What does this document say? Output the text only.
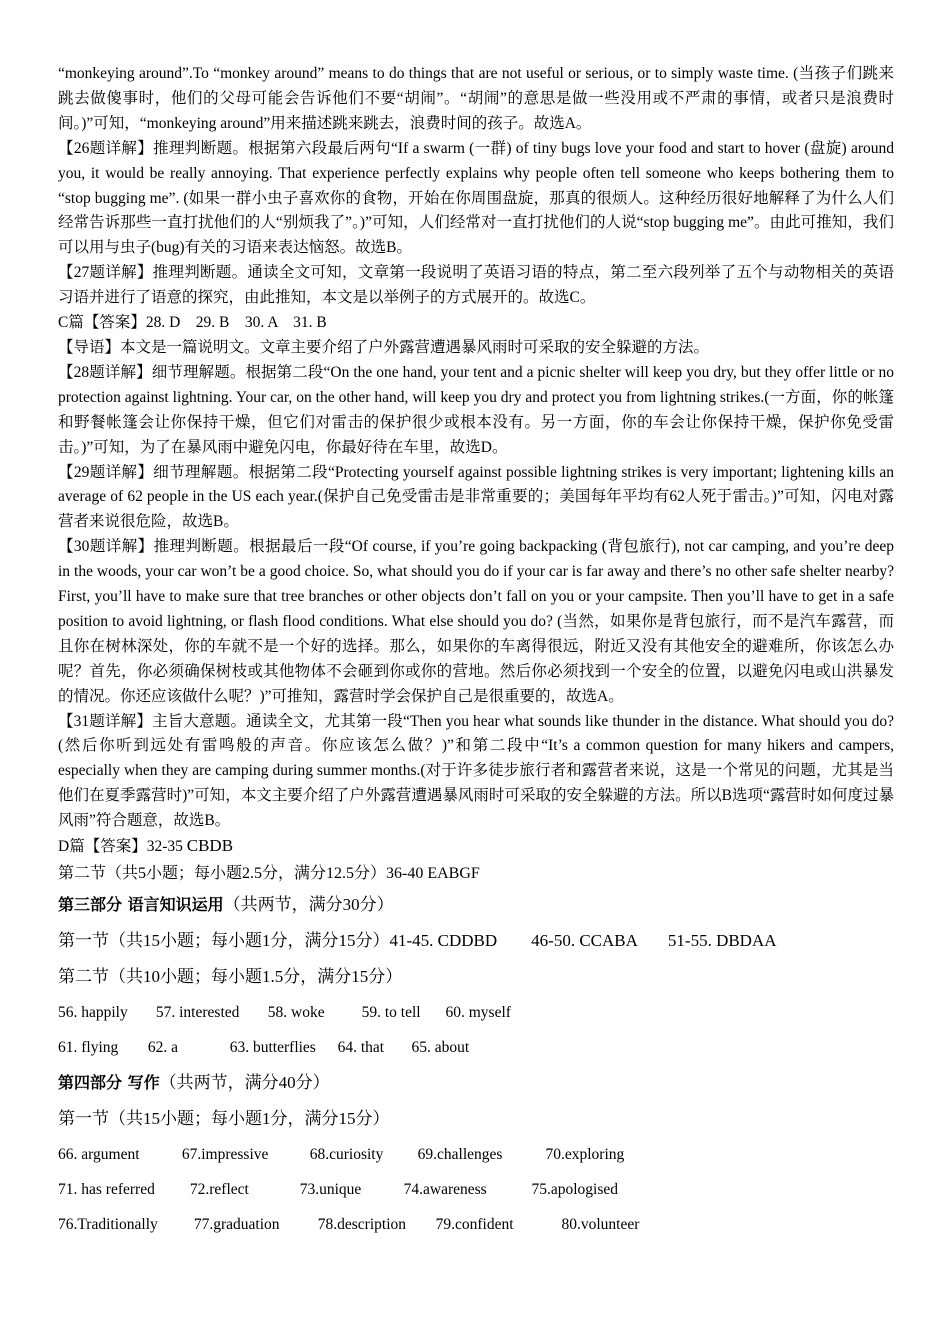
“monkeying around”.To “monkey around” means to do things that are not useful or serious, or to simply waste time. (当孩子们跳来跳去做傻事时，他们的父母可能会告诉他们不要“胡闹”。“胡闹”的意思是做一些没用或不严肃的事情，或者只是浪费时间。)”可知，“monkeying around”用来描述跳来跳去，浪费时间的孩子。故选A。

【26题详解】推理判断题。根据第六段最后两句“If a swarm (一群) of tiny bugs love your food and start to hover (盘旋) around you, it would be really annoying. That experience perfectly explains why people often tell someone who keeps bothering them to “stop bugging me”. (如果一群小虫子喜欢你的食物，开始在你周围盘旋，那真的很烦人。这种经历很好地解释了为什么人们经常告诉那些一直打扰他们的人“别烦我了”。)”可知，人们经常对一直打扰他们的人说“stop bugging me”。由此可推知，我们可以用与虫子(bug)有关的习语来表达恼怒。故选B。

【27题详解】推理判断题。通读全文可知，文章第一段说明了英语习语的特点，第二至六段列举了五个与动物相关的英语习语并进行了语意的探究，由此推知，本文是以举例子的方式展开的。故选C。

C篇【答案】28. D　29. B　30. A　31. B

【导语】本文是一篇说明文。文章主要介绍了户外露营遭遇暴风雨时可采取的安全躲避的方法。

【28题详解】细节理解题。根据第二段“On the one hand, your tent and a picnic shelter will keep you dry, but they offer little or no protection against lightning. Your car, on the other hand, will keep you dry and protect you from lightning strikes.(一方面，你的帐篷和野餐帐篷会让你保持干燥，但它们对雷击的保护很少或根本没有。另一方面，你的车会让你保持干燥，保护你免受雷击。)”可知，为了在暴风雨中避免闪电，你最好待在车里，故选D。

【29题详解】细节理解题。根据第二段“Protecting yourself against possible lightning strikes is very important; lightening kills an average of 62 people in the US each year.(保护自己免受雷击是非常重要的；美国每年平均有62人死于雷击。)”可知，闪电对露营者来说很危险，故选B。

【30题详解】推理判断题。根据最后一段“Of course, if you’re going backpacking (背包旅行), not car camping, and you’re deep in the woods, your car won’t be a good choice. So, what should you do if your car is far away and there’s no other safe shelter nearby? First, you’ll have to make sure that tree branches or other objects don’t fall on you or your campsite. Then you’ll have to get in a safe position to avoid lightning, or flash flood conditions. What else should you do? (当然，如果你是背包旅行，而不是汽车露营，而且你在树林深处，你的车就不是一个好的选择。那么，如果你的车离得很远，附近又没有其他安全的避难所，你该怎么办呢？首先，你必须确保树枝或其他物体不会砸到你或你的营地。然后你必须找到一个安全的位置，以避免闪电或山洪暴发的情况。你还应该做什么呢？)”可推知，露营时学会保护自己是很重要的，故选A。

【31题详解】主旨大意题。通读全文，尤其第一段“Then you hear what sounds like thunder in the distance. What should you do?(然后你听到远处有雷鸣般的声音。你应该怎么做？)”和第二段中“It’s a common question for many hikers and campers, especially when they are camping during summer months.(对于许多徒步旅行者和露营者来说，这是一个常见的问题，尤其是当他们在夏季露营时)”可知，本文主要介绍了户外露营遭遇暴风雨时可采取的安全躲避的方法。所以B选项“露营时如何度过暴风雨”符合题意，故选B。

D篇【答案】32-35 CBDB

第二节（共5小题；每小题2.5分，满分12.5分）36-40 EABGF

第三部分 语言知识运用（共两节，满分30分）

第一节（共15小题；每小题1分，满分15分）41-45. CDDBD 46-50. CCABA 51-55. DBDAA

第二节（共10小题；每小题1.5分，满分15分）

56. happily 57. interested 58. woke 59. to tell 60. myself

61. flying 62. a	63. butterflies 64. that 65. about

第四部分 写作（共两节，满分40分）

第一节（共15小题；每小题1分，满分15分）

66. argument	67.impressive	68.curiosity 69.challenges	70.exploring

71. has referred 72.reflect	73.unique	74.awareness	75.apologised

76.Traditionally 77.graduation 78.description 79.confident	80.volunteer
